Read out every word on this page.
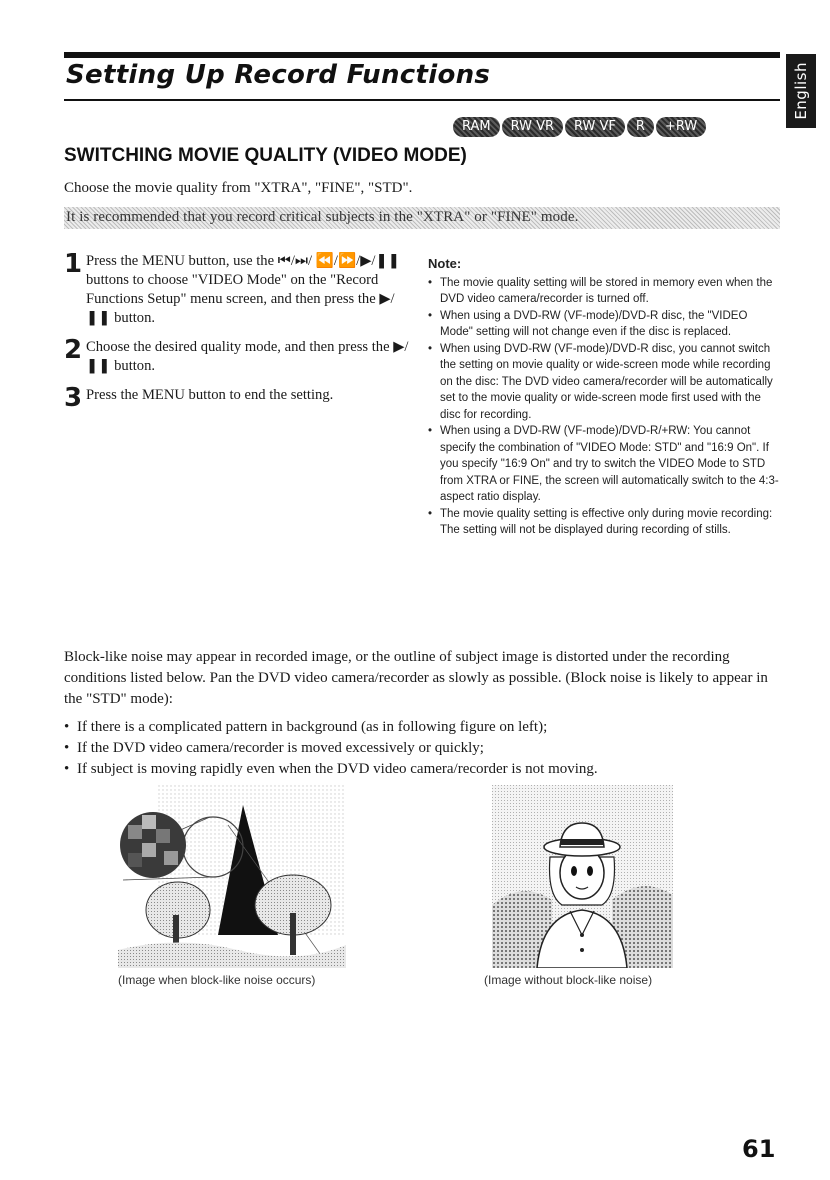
Setting Up Record Functions	English
RAM	RW VR	RW VF	R	+RW
SWITCHING MOVIE QUALITY (VIDEO MODE)
Choose the movie quality from "XTRA", "FINE", "STD".
It is recommended that you record critical subjects in the "XTRA" or "FINE" mode.
1 Press the MENU button, use the ⏮/⏭/ ⏪/⏩/▶/❚❚ buttons to choose "VIDEO Mode" on the "Record Functions Setup" menu screen, and then press the ▶/❚❚ button.
2 Choose the desired quality mode, and then press the ▶/❚❚ button.
3 Press the MENU button to end the setting.
Note:
• The movie quality setting will be stored in memory even when the DVD video camera/recorder is turned off.
• When using a DVD-RW (VF-mode)/DVD-R disc, the "VIDEO Mode" setting will not change even if the disc is replaced.
• When using DVD-RW (VF-mode)/DVD-R disc, you cannot switch the setting on movie quality or wide-screen mode while recording on the disc: The DVD video camera/recorder will be automatically set to the movie quality or wide-screen mode first used with the disc for recording.
• When using a DVD-RW (VF-mode)/DVD-R/+RW: You cannot specify the combination of "VIDEO Mode: STD" and "16:9 On". If you specify "16:9 On" and try to switch the VIDEO Mode to STD from XTRA or FINE, the screen will automatically switch to the 4:3-aspect ratio display.
• The movie quality setting is effective only during movie recording: The setting will not be displayed during recording of stills.
Block-like noise may appear in recorded image, or the outline of subject image is distorted under the recording conditions listed below. Pan the DVD video camera/recorder as slowly as possible. (Block noise is likely to appear in the "STD" mode):
• If there is a complicated pattern in background (as in following figure on left);
• If the DVD video camera/recorder is moved excessively or quickly;
• If subject is moving rapidly even when the DVD video camera/recorder is not moving.
(Image when block-like noise occurs)	(Image without block-like noise)
61
